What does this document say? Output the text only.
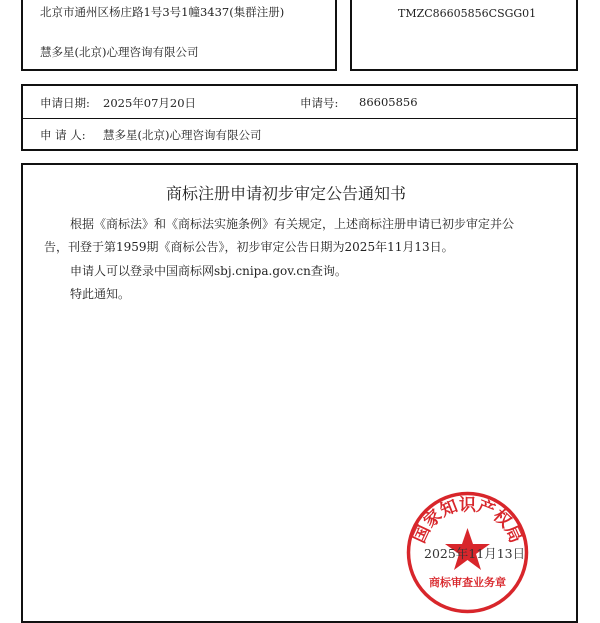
北京市通州区杨庄路1号3号1幢3437(集群注册)
慧多星(北京)心理咨询有限公司
TMZC86605856CSGG01
申请日期: 2025年07月20日	申请号: 86605856
申 请 人: 慧多星(北京)心理咨询有限公司
商标注册申请初步审定公告通知书
根据《商标法》和《商标法实施条例》有关规定，上述商标注册申请已初步审定并公
告，刊登于第1959期《商标公告》，初步审定公告日期为2025年11月13日。
申请人可以登录中国商标网sbj.cnipa.gov.cn查询。
特此通知。
国家知识产权局
商标审查业务章
2025年11月13日
